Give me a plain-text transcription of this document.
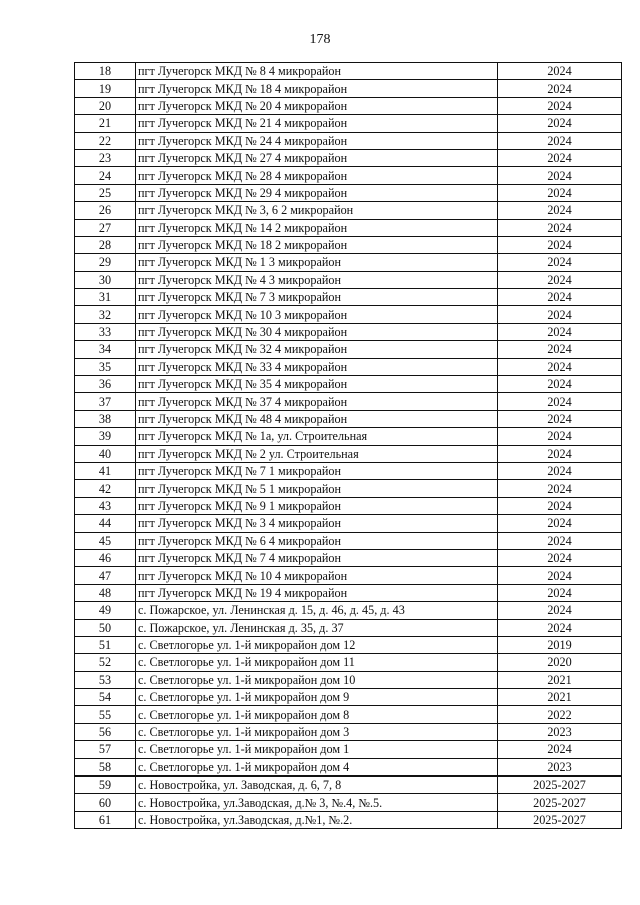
178
18	пгт Лучегорск МКД № 8 4 микрорайон	2024
19	пгт Лучегорск МКД № 18 4 микрорайон	2024
20	пгт Лучегорск МКД № 20 4 микрорайон	2024
21	пгт Лучегорск МКД № 21 4 микрорайон	2024
22	пгт Лучегорск МКД № 24 4 микрорайон	2024
23	пгт Лучегорск МКД № 27 4 микрорайон	2024
24	пгт Лучегорск МКД № 28 4 микрорайон	2024
25	пгт Лучегорск МКД № 29 4 микрорайон	2024
26	пгт Лучегорск МКД № 3, 6 2 микрорайон	2024
27	пгт Лучегорск МКД № 14 2 микрорайон	2024
28	пгт Лучегорск МКД № 18 2 микрорайон	2024
29	пгт Лучегорск МКД № 1 3 микрорайон	2024
30	пгт Лучегорск МКД № 4 3 микрорайон	2024
31	пгт Лучегорск МКД № 7 3 микрорайон	2024
32	пгт Лучегорск МКД № 10 3 микрорайон	2024
33	пгт Лучегорск МКД № 30 4 микрорайон	2024
34	пгт Лучегорск МКД № 32 4 микрорайон	2024
35	пгт Лучегорск МКД № 33 4 микрорайон	2024
36	пгт Лучегорск МКД № 35 4 микрорайон	2024
37	пгт Лучегорск МКД № 37 4 микрорайон	2024
38	пгт Лучегорск МКД № 48 4 микрорайон	2024
39	пгт Лучегорск МКД № 1а, ул. Строительная	2024
40	пгт Лучегорск МКД № 2 ул. Строительная	2024
41	пгт Лучегорск МКД № 7 1 микрорайон	2024
42	пгт Лучегорск МКД № 5 1 микрорайон	2024
43	пгт Лучегорск МКД № 9 1 микрорайон	2024
44	пгт Лучегорск МКД № 3 4 микрорайон	2024
45	пгт Лучегорск МКД № 6 4 микрорайон	2024
46	пгт Лучегорск МКД № 7 4 микрорайон	2024
47	пгт Лучегорск МКД № 10 4 микрорайон	2024
48	пгт Лучегорск МКД № 19 4 микрорайон	2024
49	с. Пожарское, ул. Ленинская д. 15, д. 46, д. 45, д. 43	2024
50	с. Пожарское, ул. Ленинская д. 35, д. 37	2024
51	с. Светлогорье ул. 1-й микрорайон дом 12	2019
52	с. Светлогорье ул. 1-й микрорайон дом 11	2020
53	с. Светлогорье ул. 1-й микрорайон дом 10	2021
54	с. Светлогорье ул. 1-й микрорайон дом 9	2021
55	с. Светлогорье ул. 1-й микрорайон дом 8	2022
56	с. Светлогорье ул. 1-й микрорайон дом 3	2023
57	с. Светлогорье ул. 1-й микрорайон дом 1	2024
58	с. Светлогорье ул. 1-й микрорайон дом 4	2023
59	с. Новостройка, ул. Заводская, д. 6, 7, 8	2025-2027
60	с. Новостройка, ул.Заводская, д.№ 3, №.4, №.5.	2025-2027
61	с. Новостройка, ул.Заводская, д.№1, №.2.	2025-2027
